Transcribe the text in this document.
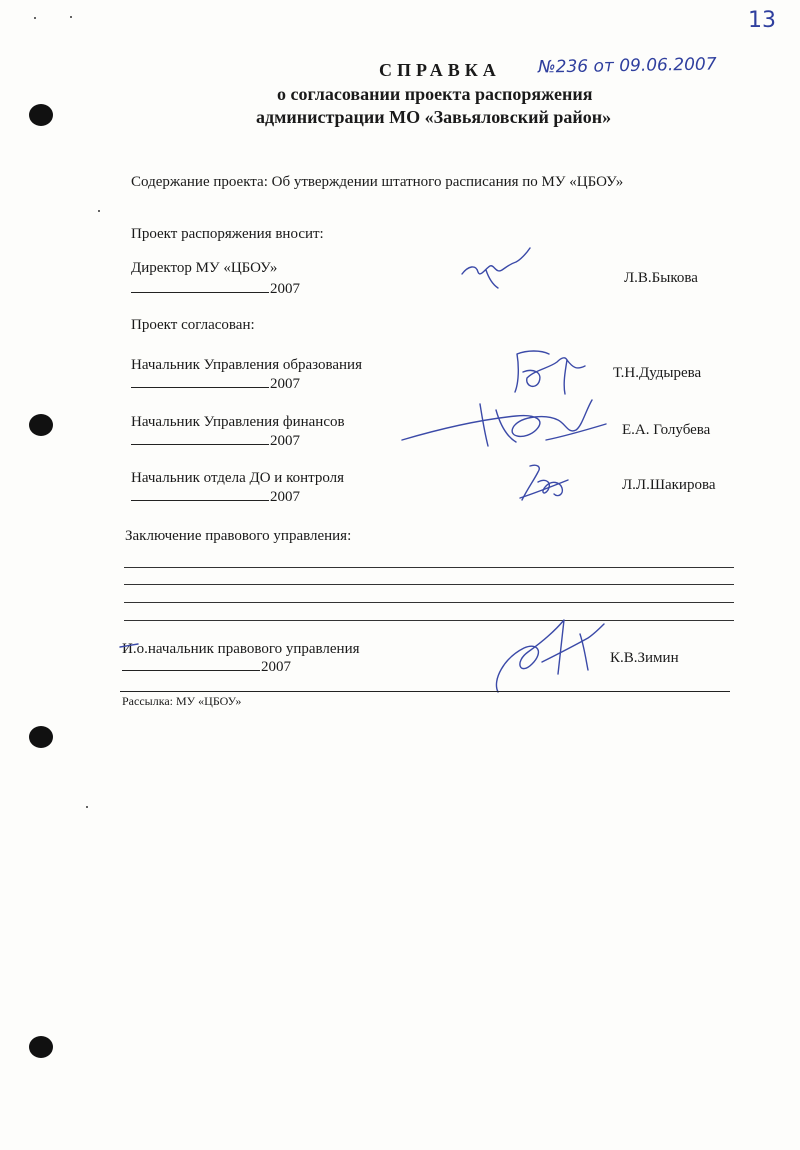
13
№236 от 09.06.2007
СПРАВКА
о согласовании проекта распоряжения
администрации МО «Завьяловский район»
Содержание проекта: Об утверждении штатного расписания по МУ «ЦБОУ»
Проект распоряжения вносит:
Директор МУ «ЦБОУ»
2007
Л.В.Быкова
Проект согласован:
Начальник Управления образования
2007
Т.Н.Дудырева
Начальник Управления финансов
2007
Е.А. Голубева
Начальник отдела ДО и контроля
2007
Л.Л.Шакирова
Заключение правового управления:
И.о.начальник правового управления
2007
К.В.Зимин
Рассылка: МУ «ЦБОУ»
